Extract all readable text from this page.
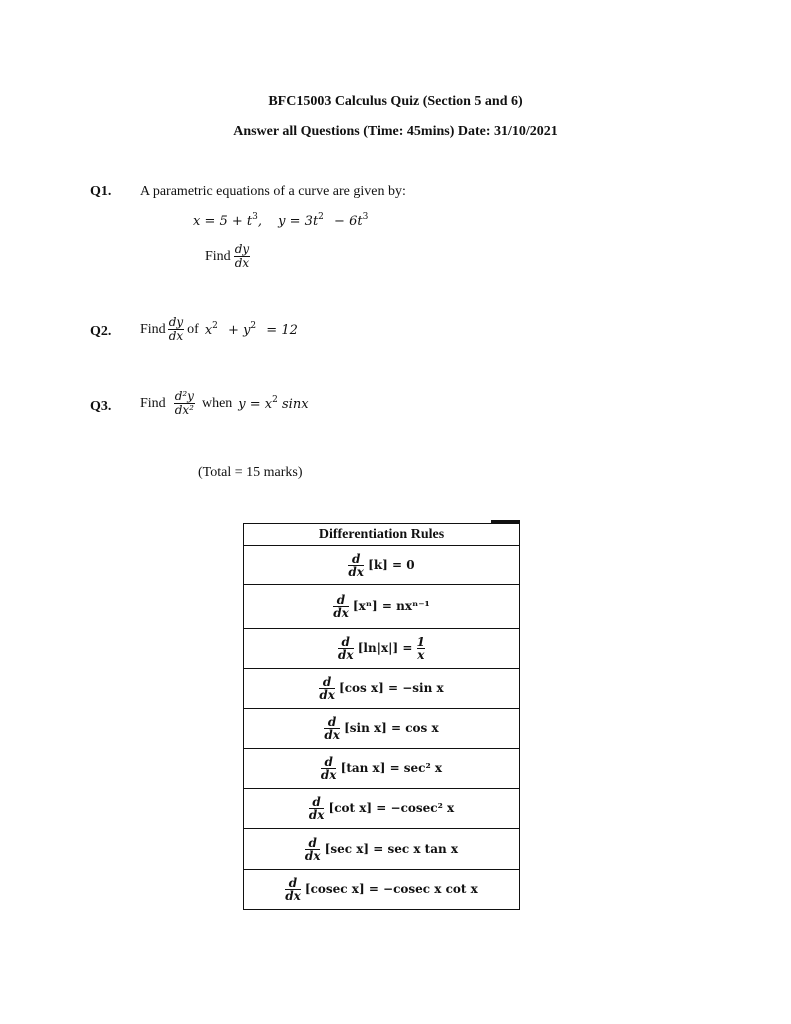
BFC15003 Calculus Quiz (Section 5 and 6)
Answer all Questions (Time: 45mins) Date: 31/10/2021
Q1. A parametric equations of a curve are given by:
$x = 5 + t^3$, $y = 3t^2 - 6t^3$
Find $\frac{dy}{dx}$
Q2. Find $\frac{dy}{dx}$ of $x^2 + y^2 = 12$
Q3. Find $\frac{\text{d²y}}{\text{dx²}}$ when $y = x^2$ sinx
(Total = 15 marks)
Differentiation Rules

$\frac{d}{dx} [k] = 0$

$\frac{d}{dx} [x^n] = nx^{n-1}$

$\frac{d}{dx} [\ln|x|] = \frac{1}{x}$

$\frac{d}{dx} [\cos$ x] = −sin x

$\frac{d}{dx} [\sin$ x] = cos x

$\frac{d}{dx} [\tan$ x] = sec² x

$\frac{d}{dx} [\cot$ x] = −cosec² x

$\frac{d}{dx} [\sec$ x] = sec x tan x

$\frac{d}{dx} [cosec$ x] = −cosec x cot x
